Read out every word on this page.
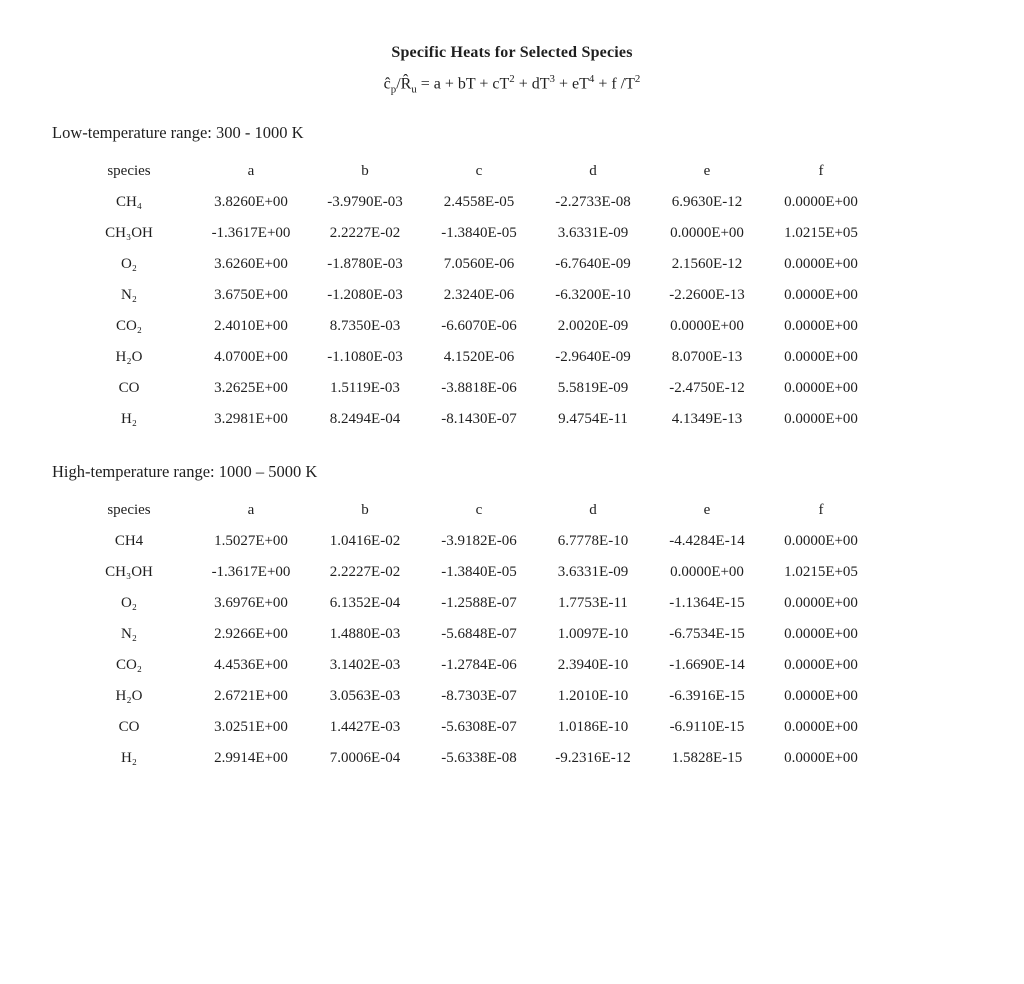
Specific Heats for Selected Species
$ĉ_p/R̂_u = a$ + bT + $cT^2 + dT^3 + eT^4 + f$ $/T^2$
Low-temperature range: 300 - 1000 K
species	a	b	c	d	e	f
CH₄	3.8260E+00	-3.9790E-03	2.4558E-05	-2.2733E-08	6.9630E-12	0.0000E+00
CH₃OH	-1.3617E+00	2.2227E-02	-1.3840E-05	3.6331E-09	0.0000E+00	1.0215E+05
O₂	3.6260E+00	-1.8780E-03	7.0560E-06	-6.7640E-09	2.1560E-12	0.0000E+00
N₂	3.6750E+00	-1.2080E-03	2.3240E-06	-6.3200E-10	-2.2600E-13	0.0000E+00
CO₂	2.4010E+00	8.7350E-03	-6.6070E-06	2.0020E-09	0.0000E+00	0.0000E+00
H₂O	4.0700E+00	-1.1080E-03	4.1520E-06	-2.9640E-09	8.0700E-13	0.0000E+00
CO	3.2625E+00	1.5119E-03	-3.8818E-06	5.5819E-09	-2.4750E-12	0.0000E+00
H₂	3.2981E+00	8.2494E-04	-8.1430E-07	9.4754E-11	4.1349E-13	0.0000E+00
High-temperature range: 1000 – 5000 K
species	a	b	c	d	e	f
CH4	1.5027E+00	1.0416E-02	-3.9182E-06	6.7778E-10	-4.4284E-14	0.0000E+00
CH₃OH	-1.3617E+00	2.2227E-02	-1.3840E-05	3.6331E-09	0.0000E+00	1.0215E+05
O₂	3.6976E+00	6.1352E-04	-1.2588E-07	1.7753E-11	-1.1364E-15	0.0000E+00
N₂	2.9266E+00	1.4880E-03	-5.6848E-07	1.0097E-10	-6.7534E-15	0.0000E+00
CO₂	4.4536E+00	3.1402E-03	-1.2784E-06	2.3940E-10	-1.6690E-14	0.0000E+00
H₂O	2.6721E+00	3.0563E-03	-8.7303E-07	1.2010E-10	-6.3916E-15	0.0000E+00
CO	3.0251E+00	1.4427E-03	-5.6308E-07	1.0186E-10	-6.9110E-15	0.0000E+00
H₂	2.9914E+00	7.0006E-04	-5.6338E-08	-9.2316E-12	1.5828E-15	0.0000E+00
